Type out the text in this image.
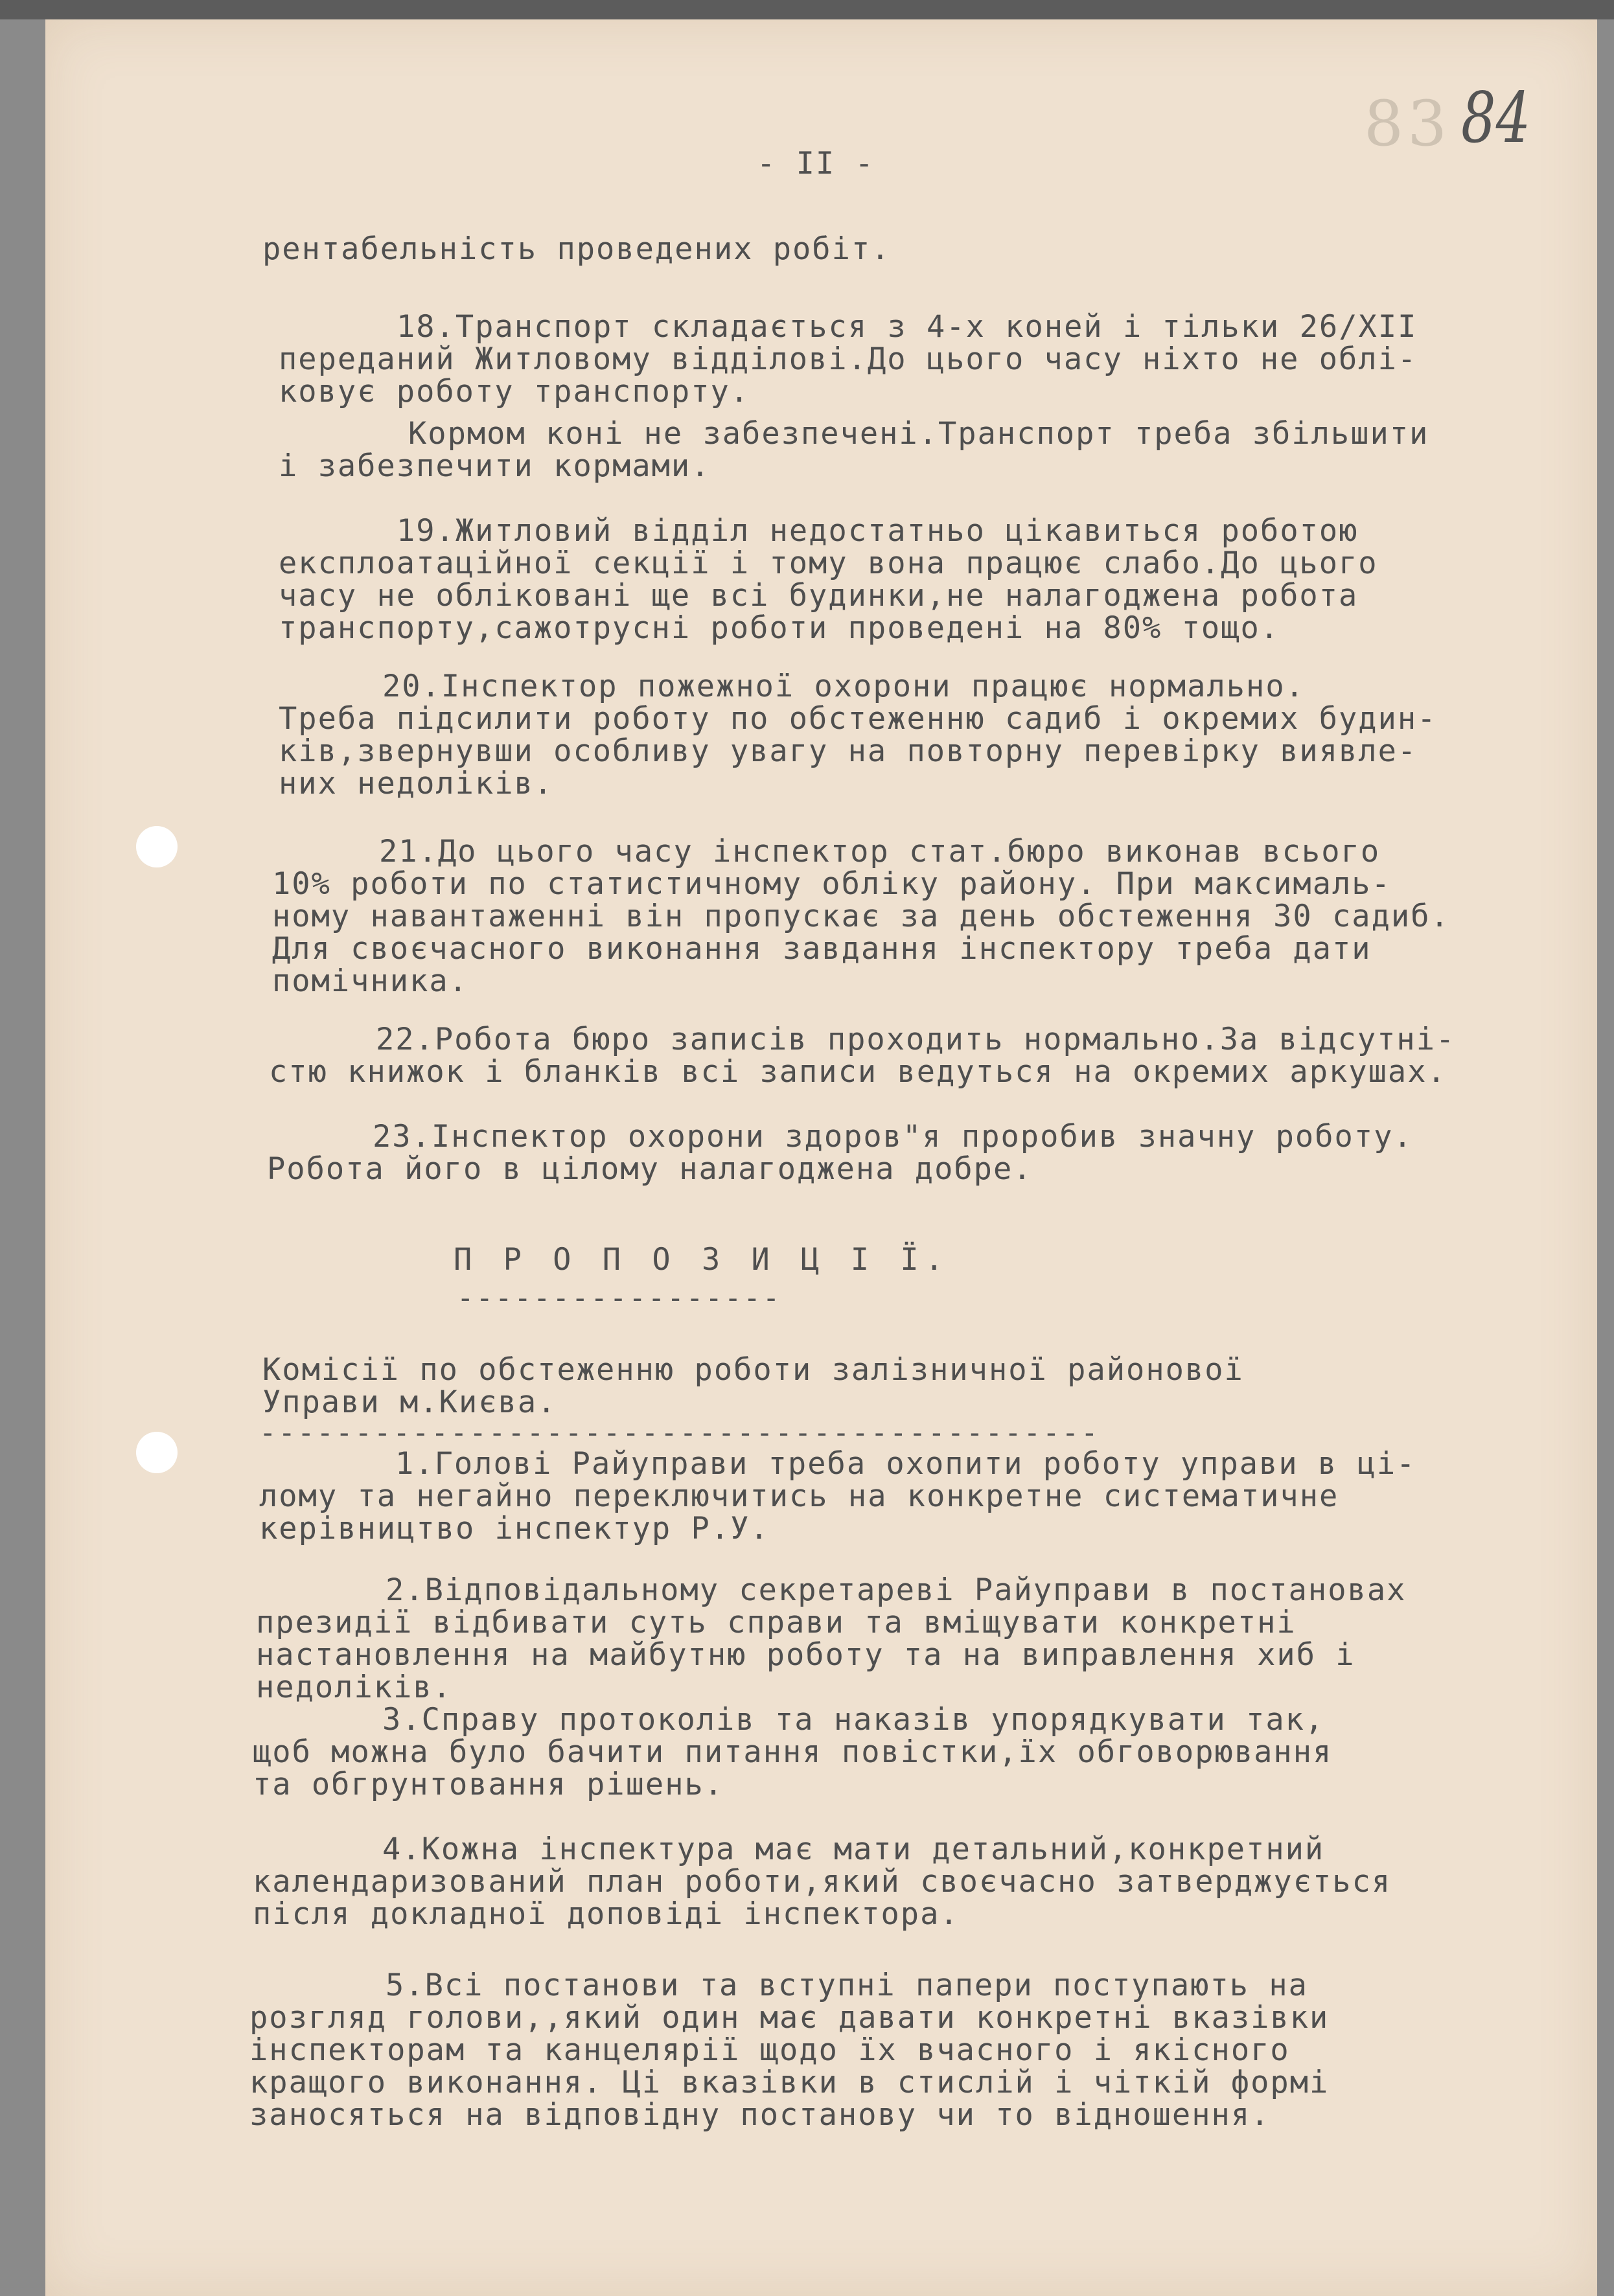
83 84
- II -
рентабельність проведених робіт.
18.Транспорт складається з 4-х коней і тільки 26/XII
переданий Житловому відділові.До цього часу ніхто не облі-
ковує роботу транспорту.
Кормом коні не забезпечені.Транспорт треба збільшити
і забезпечити кормами.
19.Житловий відділ недостатньо цікавиться роботою
експлоатаційної секції і тому вона працює слабо.До цього
часу не обліковані ще всі будинки,не налагоджена робота
транспорту,сажотрусні роботи проведені на 80% тощо.
20.Інспектор пожежної охорони працює нормально.
Треба підсилити роботу по обстеженню садиб і окремих будин-
ків,звернувши особливу увагу на повторну перевірку виявле-
них недоліків.
21.До цього часу інспектор стат.бюро виконав всього
10% роботи по статистичному обліку району. При максималь-
ному навантаженні він пропускає за день обстеження 30 садиб.
Для своєчасного виконання завдання інспектору треба дати
помічника.
22.Робота бюро записів проходить нормально.За відсутні-
стю книжок і бланків всі записи ведуться на окремих аркушах.
23.Інспектор охорони здоров"я проробив значну роботу.
Робота його в цілому налагоджена добре.
П Р О П О З И Ц І Ї.
-----------------
Комісії по обстеженню роботи залізничної районової
Управи м.Києва.
--------------------------------------------
1.Голові Райуправи треба охопити роботу управи в ці-
лому та негайно переключитись на конкретне систематичне
керівництво інспектур Р.У.
2.Відповідальному секретареві Райуправи в постановах
президії відбивати суть справи та вміщувати конкретні
настановлення на майбутню роботу та на виправлення хиб і
недоліків.
3.Справу протоколів та наказів упорядкувати так,
щоб можна було бачити питання повістки,їх обговорювання
та обгрунтовання рішень.
4.Кожна інспектура має мати детальний,конкретний
календаризований план роботи,який своєчасно затверджується
після докладної доповіді інспектора.
5.Всі постанови та вступні папери поступають на
розгляд голови,,який один має давати конкретні вказівки
інспекторам та канцелярії щодо їх вчасного і якісного
кращого виконання. Ці вказівки в стислій і чіткій формі
заносяться на відповідну постанову чи то відношення.
